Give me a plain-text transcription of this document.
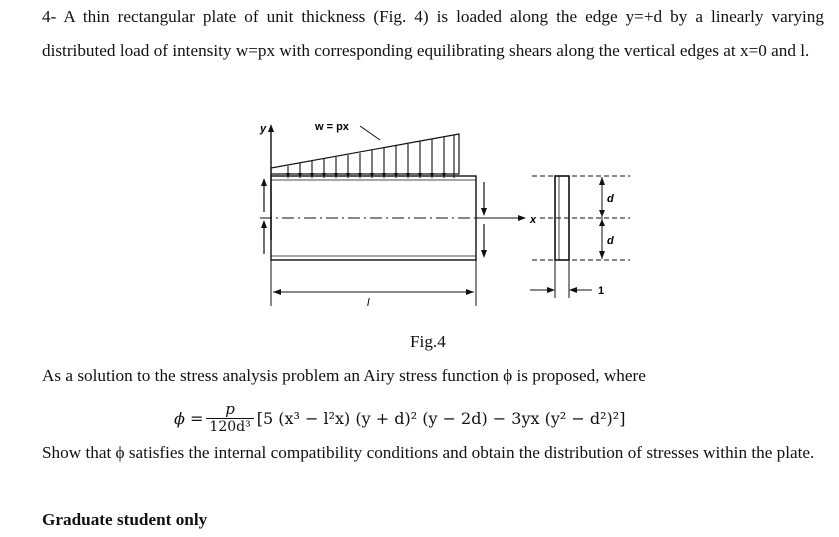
4- A thin rectangular plate of unit thickness (Fig. 4) is loaded along the edge y=+d by a linearly varying distributed load of intensity w=px with corresponding equilibrating shears along the vertical edges at x=0 and l.
y	w = px
x
l
d
d
1
Fig.4
As a solution to the stress analysis problem an Airy stress function ϕ is proposed, where
$\phi = \frac{p}{\text{120d³}} [5$ (x³ − l²x) (y + d)² (y − 2d) − 3yx (y² − d²)²]
Show that ϕ satisfies the internal compatibility conditions and obtain the distribution of stresses within the plate.
Graduate student only
